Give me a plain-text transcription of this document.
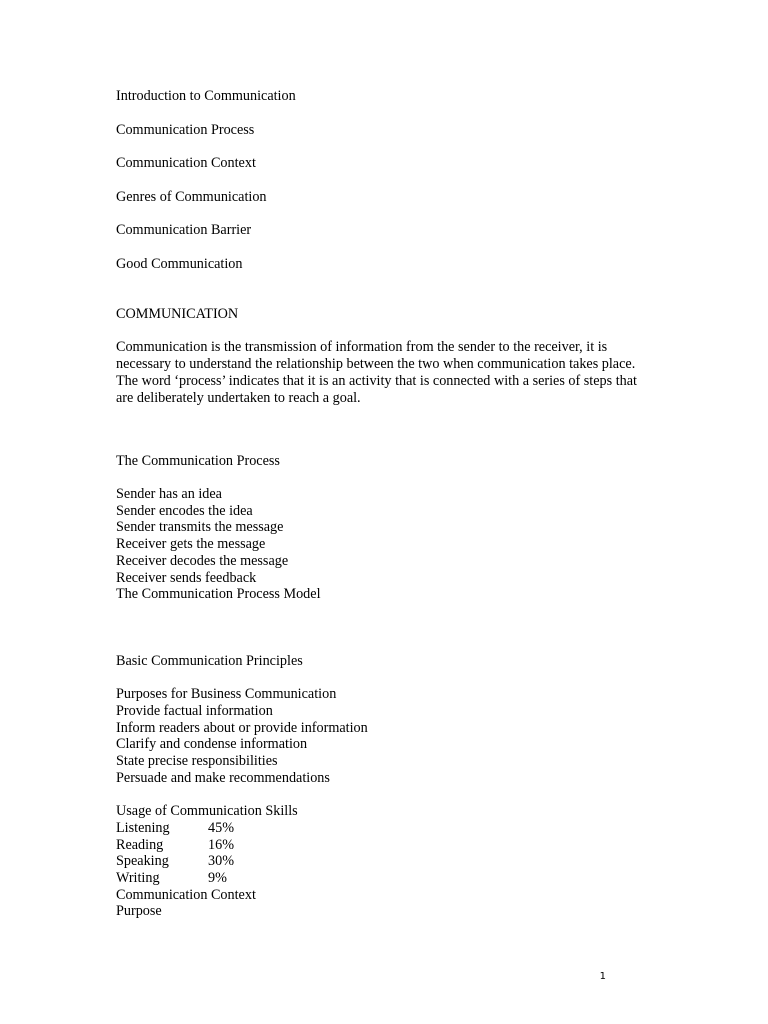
Introduction to Communication
Communication Process
Communication Context
Genres of Communication
Communication Barrier
Good Communication
COMMUNICATION

Communication is the transmission of information from the sender to the receiver, it is necessary to understand the relationship between the two when communication takes place. The word ‘process’ indicates that it is an activity that is connected with a series of steps that are deliberately undertaken to reach a goal.

The Communication Process
Sender has an idea
Sender encodes the idea
Sender transmits the message
Receiver gets the message
Receiver decodes the message
Receiver sends feedback
The Communication Process Model
Basic Communication Principles
Purposes for Business Communication
Provide factual information
Inform readers about or provide information
Clarify and condense information
State precise responsibilities
Persuade and make recommendations
Usage of Communication Skills
Listening	45%
Reading	16%
Speaking	30%
Writing	9%
Communication Context
Purpose
1
